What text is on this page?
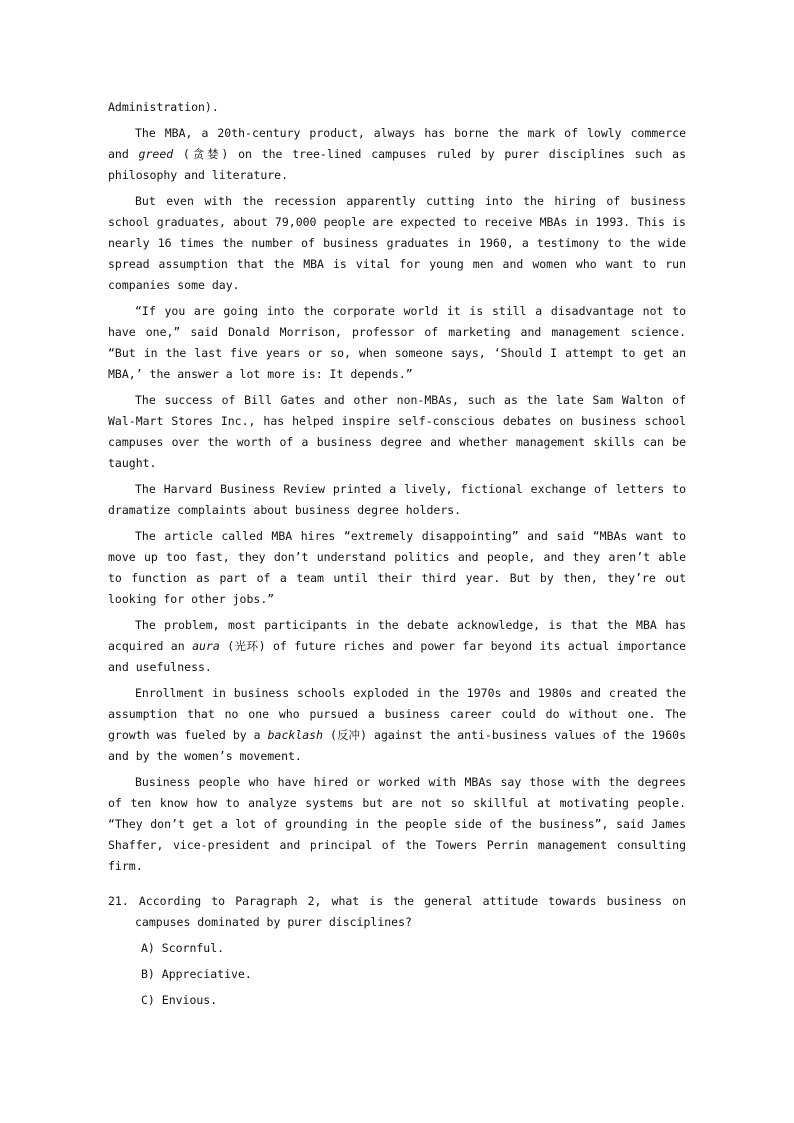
Administration).

The MBA, a 20th-century product, always has borne the mark of lowly commerce and greed (贪婪) on the tree-lined campuses ruled by purer disciplines such as philosophy and literature.

But even with the recession apparently cutting into the hiring of business school graduates, about 79,000 people are expected to receive MBAs in 1993. This is nearly 16 times the number of business graduates in 1960, a testimony to the wide spread assumption that the MBA is vital for young men and women who want to run companies some day.

“If you are going into the corporate world it is still a disadvantage not to have one,” said Donald Morrison, professor of marketing and management science. “But in the last five years or so, when someone says, ‘Should I attempt to get an MBA,’ the answer a lot more is: It depends.”

The success of Bill Gates and other non-MBAs, such as the late Sam Walton of Wal-Mart Stores Inc., has helped inspire self-conscious debates on business school campuses over the worth of a business degree and whether management skills can be taught.

The Harvard Business Review printed a lively, fictional exchange of letters to dramatize complaints about business degree holders.

The article called MBA hires “extremely disappointing” and said “MBAs want to move up too fast, they don’t understand politics and people, and they aren’t able to function as part of a team until their third year. But by then, they’re out looking for other jobs.”

The problem, most participants in the debate acknowledge, is that the MBA has acquired an aura (光环) of future riches and power far beyond its actual importance and usefulness.

Enrollment in business schools exploded in the 1970s and 1980s and created the assumption that no one who pursued a business career could do without one. The growth was fueled by a backlash (反冲) against the anti-business values of the 1960s and by the women’s movement.

Business people who have hired or worked with MBAs say those with the degrees of ten know how to analyze systems but are not so skillful at motivating people. “They don’t get a lot of grounding in the people side of the business”, said James Shaffer, vice-president and principal of the Towers Perrin management consulting firm.

21. According to Paragraph 2, what is the general attitude towards business on campuses dominated by purer disciplines?
A) Scornful.
B) Appreciative.
C) Envious.
